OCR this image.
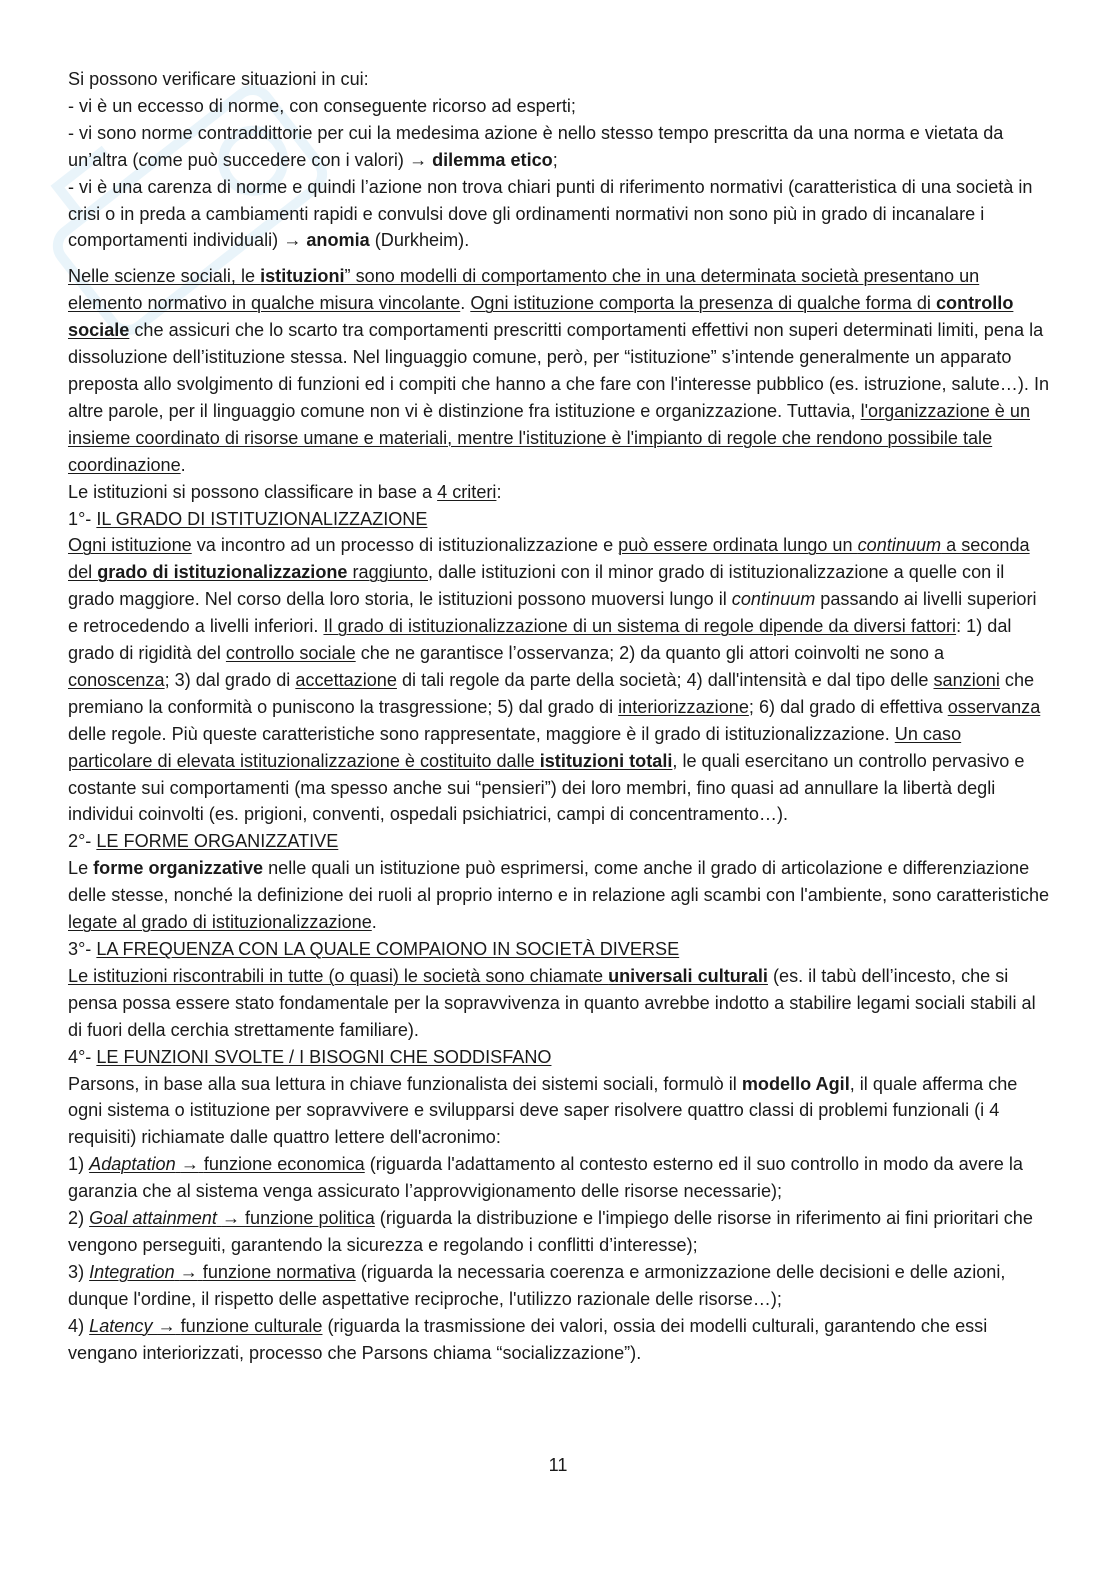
Si possono verificare situazioni in cui:

- vi è un eccesso di norme, con conseguente ricorso ad esperti;

- vi sono norme contraddittorie per cui la medesima azione è nello stesso tempo prescritta da una norma e vietata da un’altra (come può succedere con i valori) → dilemma etico;

- vi è una carenza di norme e quindi l’azione non trova chiari punti di riferimento normativi (caratteristica di una società in crisi o in preda a cambiamenti rapidi e convulsi dove gli ordinamenti normativi non sono più in grado di incanalare i comportamenti individuali) → anomia (Durkheim).

Nelle scienze sociali, le istituzioni” sono modelli di comportamento che in una determinata società presentano un elemento normativo in qualche misura vincolante. Ogni istituzione comporta la presenza di qualche forma di controllo sociale che assicuri che lo scarto tra comportamenti prescritti comportamenti effettivi non superi determinati limiti, pena la dissoluzione dell’istituzione stessa. Nel linguaggio comune, però, per “istituzione” s’intende generalmente un apparato preposta allo svolgimento di funzioni ed i compiti che hanno a che fare con l'interesse pubblico (es. istruzione, salute…). In altre parole, per il linguaggio comune non vi è distinzione fra istituzione e organizzazione. Tuttavia, l'organizzazione è un insieme coordinato di risorse umane e materiali, mentre l'istituzione è l'impianto di regole che rendono possibile tale coordinazione.

Le istituzioni si possono classificare in base a 4 criteri:

1°- IL GRADO DI ISTITUZIONALIZZAZIONE

Ogni istituzione va incontro ad un processo di istituzionalizzazione e può essere ordinata lungo un continuum a seconda del grado di istituzionalizzazione raggiunto, dalle istituzioni con il minor grado di istituzionalizzazione a quelle con il grado maggiore. Nel corso della loro storia, le istituzioni possono muoversi lungo il continuum passando ai livelli superiori e retrocedendo a livelli inferiori. Il grado di istituzionalizzazione di un sistema di regole dipende da diversi fattori: 1) dal grado di rigidità del controllo sociale che ne garantisce l’osservanza; 2) da quanto gli attori coinvolti ne sono a conoscenza; 3) dal grado di accettazione di tali regole da parte della società; 4) dall'intensità e dal tipo delle sanzioni che premiano la conformità o puniscono la trasgressione; 5) dal grado di interiorizzazione; 6) dal grado di effettiva osservanza delle regole. Più queste caratteristiche sono rappresentate, maggiore è il grado di istituzionalizzazione. Un caso particolare di elevata istituzionalizzazione è costituito dalle istituzioni totali, le quali esercitano un controllo pervasivo e costante sui comportamenti (ma spesso anche sui “pensieri”) dei loro membri, fino quasi ad annullare la libertà degli individui coinvolti (es. prigioni, conventi, ospedali psichiatrici, campi di concentramento…).

2°- LE FORME ORGANIZZATIVE

Le forme organizzative nelle quali un istituzione può esprimersi, come anche il grado di articolazione e differenziazione delle stesse, nonché la definizione dei ruoli al proprio interno e in relazione agli scambi con l'ambiente, sono caratteristiche legate al grado di istituzionalizzazione.

3°- LA FREQUENZA CON LA QUALE COMPAIONO IN SOCIETÀ DIVERSE

Le istituzioni riscontrabili in tutte (o quasi) le società sono chiamate universali culturali (es. il tabù dell’incesto, che si pensa possa essere stato fondamentale per la sopravvivenza in quanto avrebbe indotto a stabilire legami sociali stabili al di fuori della cerchia strettamente familiare).

4°- LE FUNZIONI SVOLTE / I BISOGNI CHE SODDISFANO

Parsons, in base alla sua lettura in chiave funzionalista dei sistemi sociali, formulò il modello Agil, il quale afferma che ogni sistema o istituzione per sopravvivere e svilupparsi deve saper risolvere quattro classi di problemi funzionali (i 4 requisiti) richiamate dalle quattro lettere dell'acronimo:

1) Adaptation → funzione economica (riguarda l'adattamento al contesto esterno ed il suo controllo in modo da avere la garanzia che al sistema venga assicurato l’approvvigionamento delle risorse necessarie);

2) Goal attainment → funzione politica (riguarda la distribuzione e l'impiego delle risorse in riferimento ai fini prioritari che vengono perseguiti, garantendo la sicurezza e regolando i conflitti d’interesse);

3) Integration → funzione normativa (riguarda la necessaria coerenza e armonizzazione delle decisioni e delle azioni, dunque l'ordine, il rispetto delle aspettative reciproche, l'utilizzo razionale delle risorse…);

4) Latency → funzione culturale (riguarda la trasmissione dei valori, ossia dei modelli culturali, garantendo che essi vengano interiorizzati, processo che Parsons chiama “socializzazione”).

11
